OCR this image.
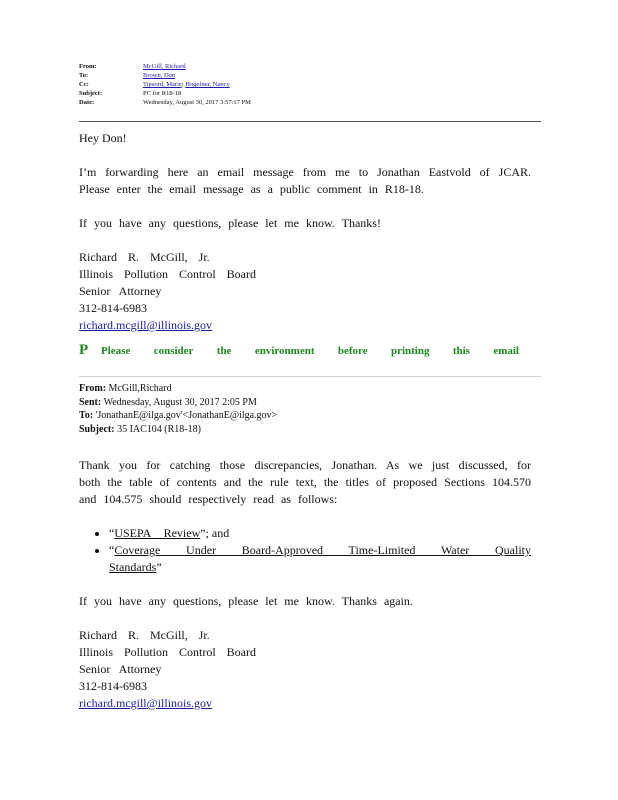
From:	McGill, Richard
To:	Brown, Don
Cc:	Tipsord, Marie; Hogefner, Nancy
Subject:	PC for R18-18
Date:	Wednesday, August 30, 2017 3:57:17 PM

Hey Don!

I’m forwarding here an email message from me to Jonathan Eastvold of JCAR. Please enter the email message as a public comment in R18-18.

If you have any questions, please let me know. Thanks!

Richard R. McGill, Jr.

Illinois Pollution Control Board

Senior Attorney

312-814-6983

richard.mcgill@illinois.gov

P	Please consider the environment before printing this email
From: McGill,Richard
Sent: Wednesday, August 30, 2017 2:05 PM
To: 'JonathanE@ilga.gov'<JonathanE@ilga.gov>
Subject: 35 IAC104 (R18-18)

Thank you for catching those discrepancies, Jonathan. As we just discussed, for both the table of contents and the rule text, the titles of proposed Sections 104.570 and 104.575 should respectively read as follows:

• “USEPA Review”; and
• “Coverage Under Board-Approved Time-Limited Water Quality Standards”

If you have any questions, please let me know. Thanks again.

Richard R. McGill, Jr.

Illinois Pollution Control Board

Senior Attorney

312-814-6983

richard.mcgill@illinois.gov
